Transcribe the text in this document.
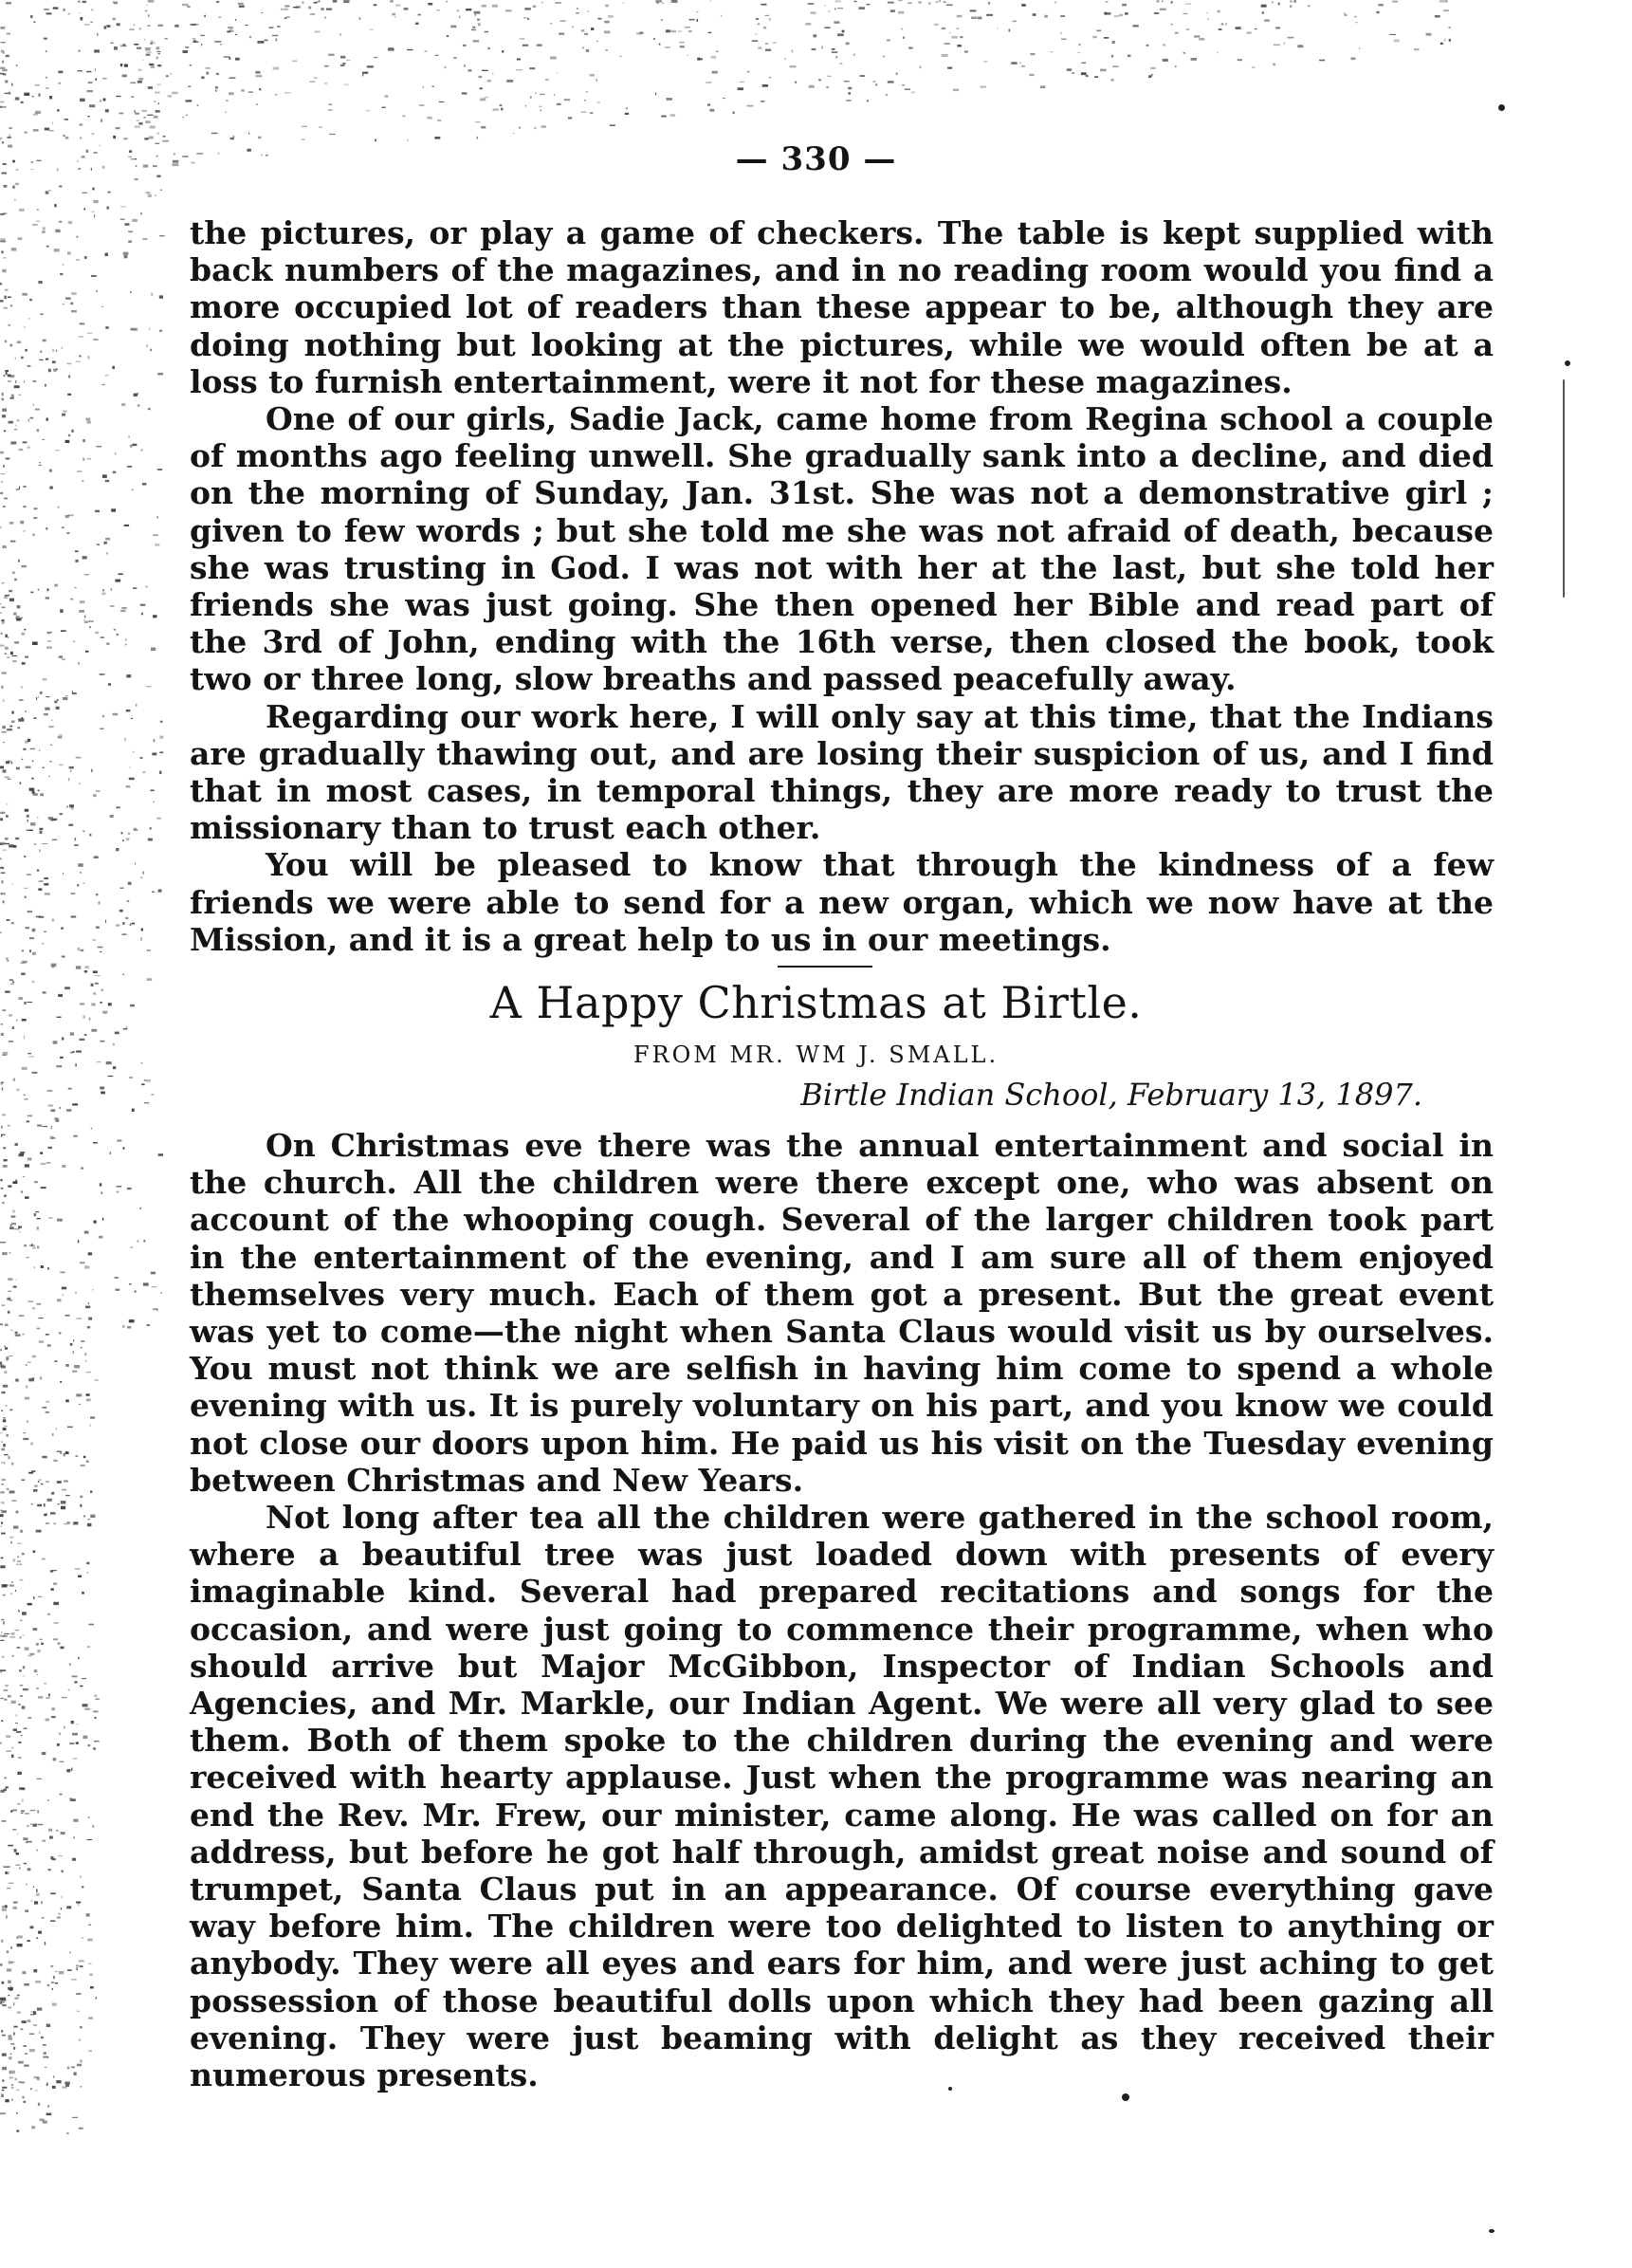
— 330 —

the pictures, or play a game of checkers. The table is kept supplied with back numbers of the magazines, and in no reading room would you find a more occupied lot of readers than these appear to be, although they are doing nothing but looking at the pictures, while we would often be at a loss to furnish entertainment, were it not for these magazines.

One of our girls, Sadie Jack, came home from Regina school a couple of months ago feeling unwell. She gradually sank into a decline, and died on the morning of Sunday, Jan. 31st. She was not a demonstrative girl ; given to few words ; but she told me she was not afraid of death, because she was trusting in God. I was not with her at the last, but she told her friends she was just going. She then opened her Bible and read part of the 3rd of John, ending with the 16th verse, then closed the book, took two or three long, slow breaths and passed peacefully away.

Regarding our work here, I will only say at this time, that the Indians are gradually thawing out, and are losing their suspicion of us, and I find that in most cases, in temporal things, they are more ready to trust the missionary than to trust each other.

You will be pleased to know that through the kindness of a few friends we were able to send for a new organ, which we now have at the Mission, and it is a great help to us in our meetings.

A Happy Christmas at Birtle.
FROM MR. WM J. SMALL.
Birtle Indian School, February 13, 1897.

On Christmas eve there was the annual entertainment and social in the church. All the children were there except one, who was absent on account of the whooping cough. Several of the larger children took part in the entertainment of the evening, and I am sure all of them enjoyed themselves very much. Each of them got a present. But the great event was yet to come—the night when Santa Claus would visit us by ourselves. You must not think we are selfish in having him come to spend a whole evening with us. It is purely voluntary on his part, and you know we could not close our doors upon him. He paid us his visit on the Tuesday evening between Christmas and New Years.

Not long after tea all the children were gathered in the school room, where a beautiful tree was just loaded down with presents of every imaginable kind. Several had prepared recitations and songs for the occasion, and were just going to commence their programme, when who should arrive but Major McGibbon, Inspector of Indian Schools and Agencies, and Mr. Markle, our Indian Agent. We were all very glad to see them. Both of them spoke to the children during the evening and were received with hearty applause. Just when the programme was nearing an end the Rev. Mr. Frew, our minister, came along. He was called on for an address, but before he got half through, amidst great noise and sound of trumpet, Santa Claus put in an appearance. Of course everything gave way before him. The children were too delighted to listen to anything or anybody. They were all eyes and ears for him, and were just aching to get possession of those beautiful dolls upon which they had been gazing all evening. They were just beaming with delight as they received their numerous presents.
